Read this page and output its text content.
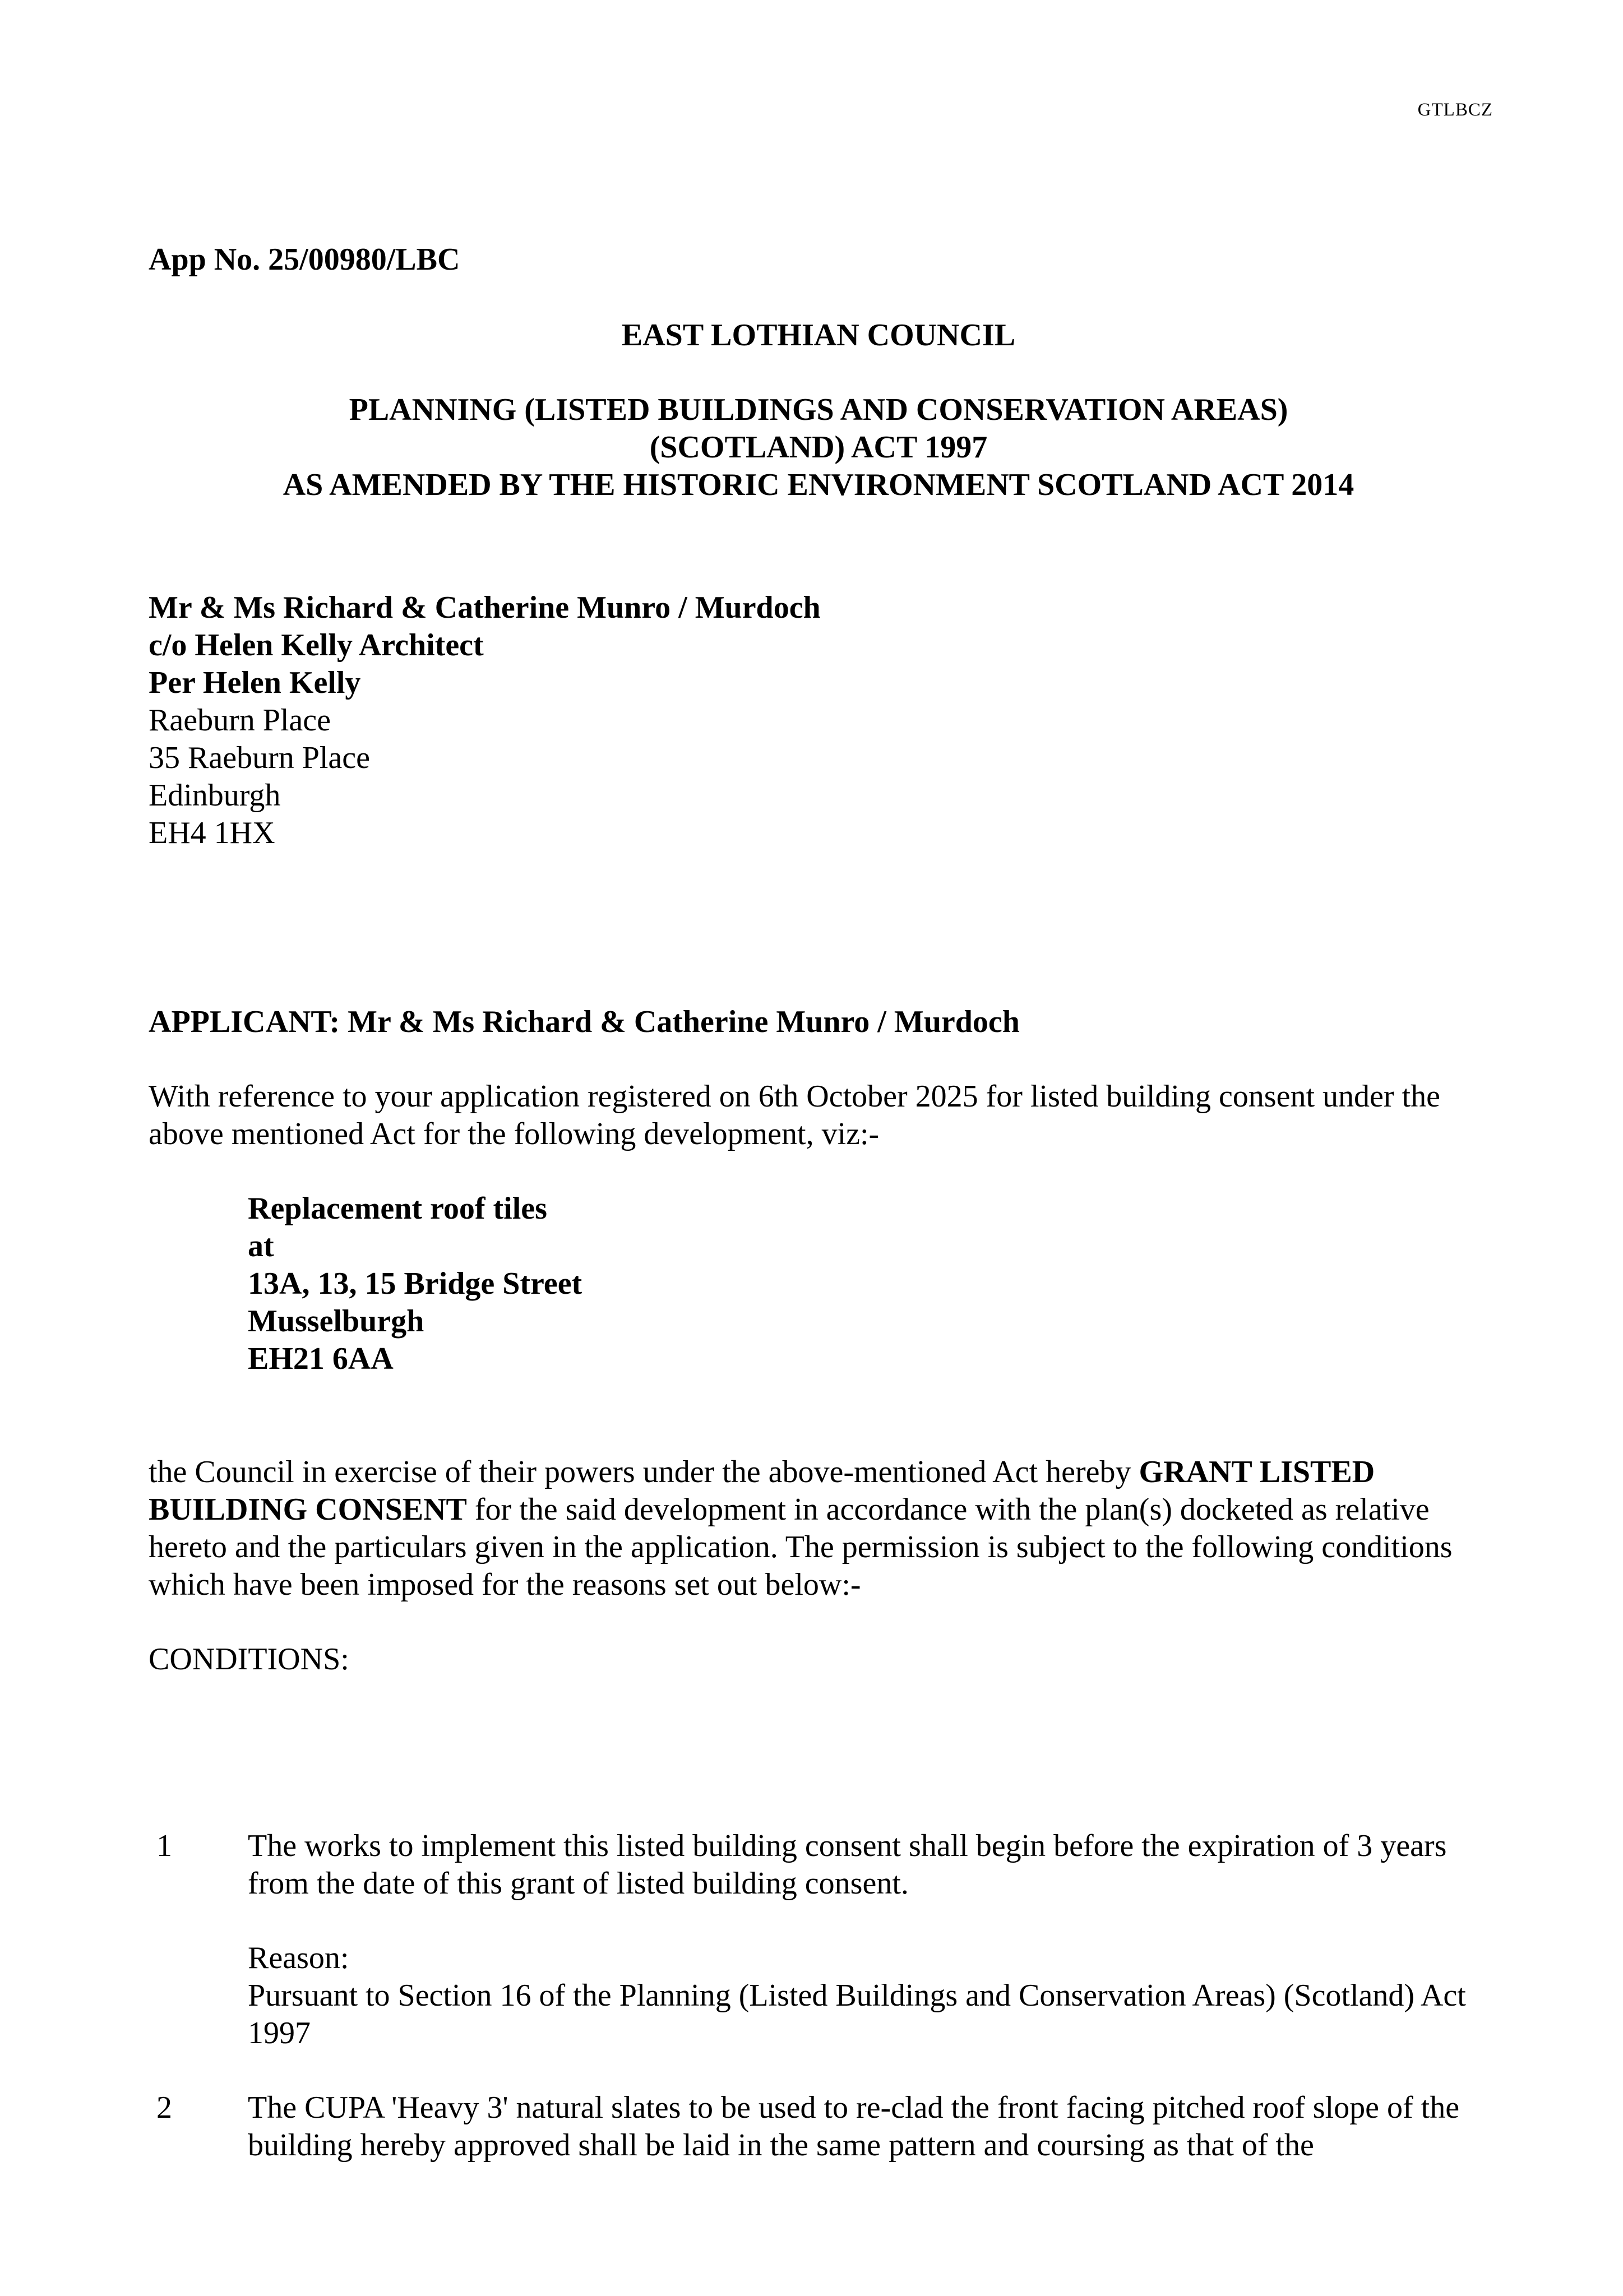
GTLBCZ

App No. 25/00980/LBC

EAST LOTHIAN COUNCIL

PLANNING (LISTED BUILDINGS AND CONSERVATION AREAS)
(SCOTLAND) ACT 1997
AS AMENDED BY THE HISTORIC ENVIRONMENT SCOTLAND ACT 2014
Mr & Ms Richard & Catherine Munro / Murdoch
c/o Helen Kelly Architect
Per Helen Kelly
Raeburn Place
35 Raeburn Place
Edinburgh
EH4 1HX

APPLICANT: Mr & Ms Richard & Catherine Munro / Murdoch

With reference to your application registered on 6th October 2025 for listed building consent under the above mentioned Act for the following development, viz:-

Replacement roof tiles
at
13A, 13, 15 Bridge Street
Musselburgh
EH21 6AA

the Council in exercise of their powers under the above-mentioned Act hereby GRANT LISTED BUILDING CONSENT for the said development in accordance with the plan(s) docketed as relative hereto and the particulars given in the application. The permission is subject to the following conditions which have been imposed for the reasons set out below:-

CONDITIONS:

1	The works to implement this listed building consent shall begin before the expiration of 3 years from the date of this grant of listed building consent.

Reason:

Pursuant to Section 16 of the Planning (Listed Buildings and Conservation Areas) (Scotland) Act 1997

2	The CUPA 'Heavy 3' natural slates to be used to re-clad the front facing pitched roof slope of the building hereby approved shall be laid in the same pattern and coursing as that of the
